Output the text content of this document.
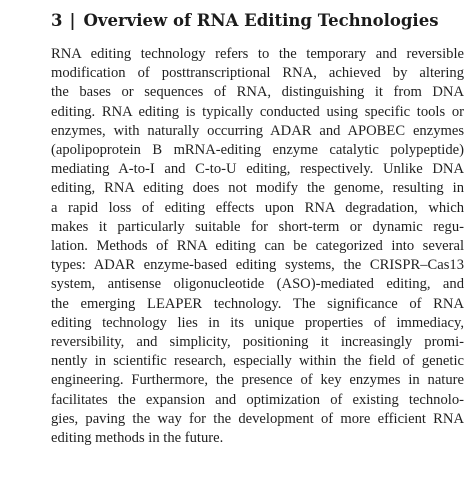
3 | Overview of RNA Editing Technologies

RNA editing technology refers to the temporary and reversible
modification of posttranscriptional RNA, achieved by altering
the bases or sequences of RNA, distinguishing it from DNA
editing. RNA editing is typically conducted using specific tools or
enzymes, with naturally occurring ADAR and APOBEC enzymes
(apolipoprotein B mRNA-editing enzyme catalytic polypeptide)
mediating A-to-I and C-to-U editing, respectively. Unlike DNA
editing, RNA editing does not modify the genome, resulting in
a rapid loss of editing effects upon RNA degradation, which
makes it particularly suitable for short-term or dynamic regu-
lation. Methods of RNA editing can be categorized into several
types: ADAR enzyme-based editing systems, the CRISPR–Cas13
system, antisense oligonucleotide (ASO)-mediated editing, and
the emerging LEAPER technology. The significance of RNA
editing technology lies in its unique properties of immediacy,
reversibility, and simplicity, positioning it increasingly promi-
nently in scientific research, especially within the field of genetic
engineering. Furthermore, the presence of key enzymes in nature
facilitates the expansion and optimization of existing technolo-
gies, paving the way for the development of more efficient RNA
editing methods in the future.
